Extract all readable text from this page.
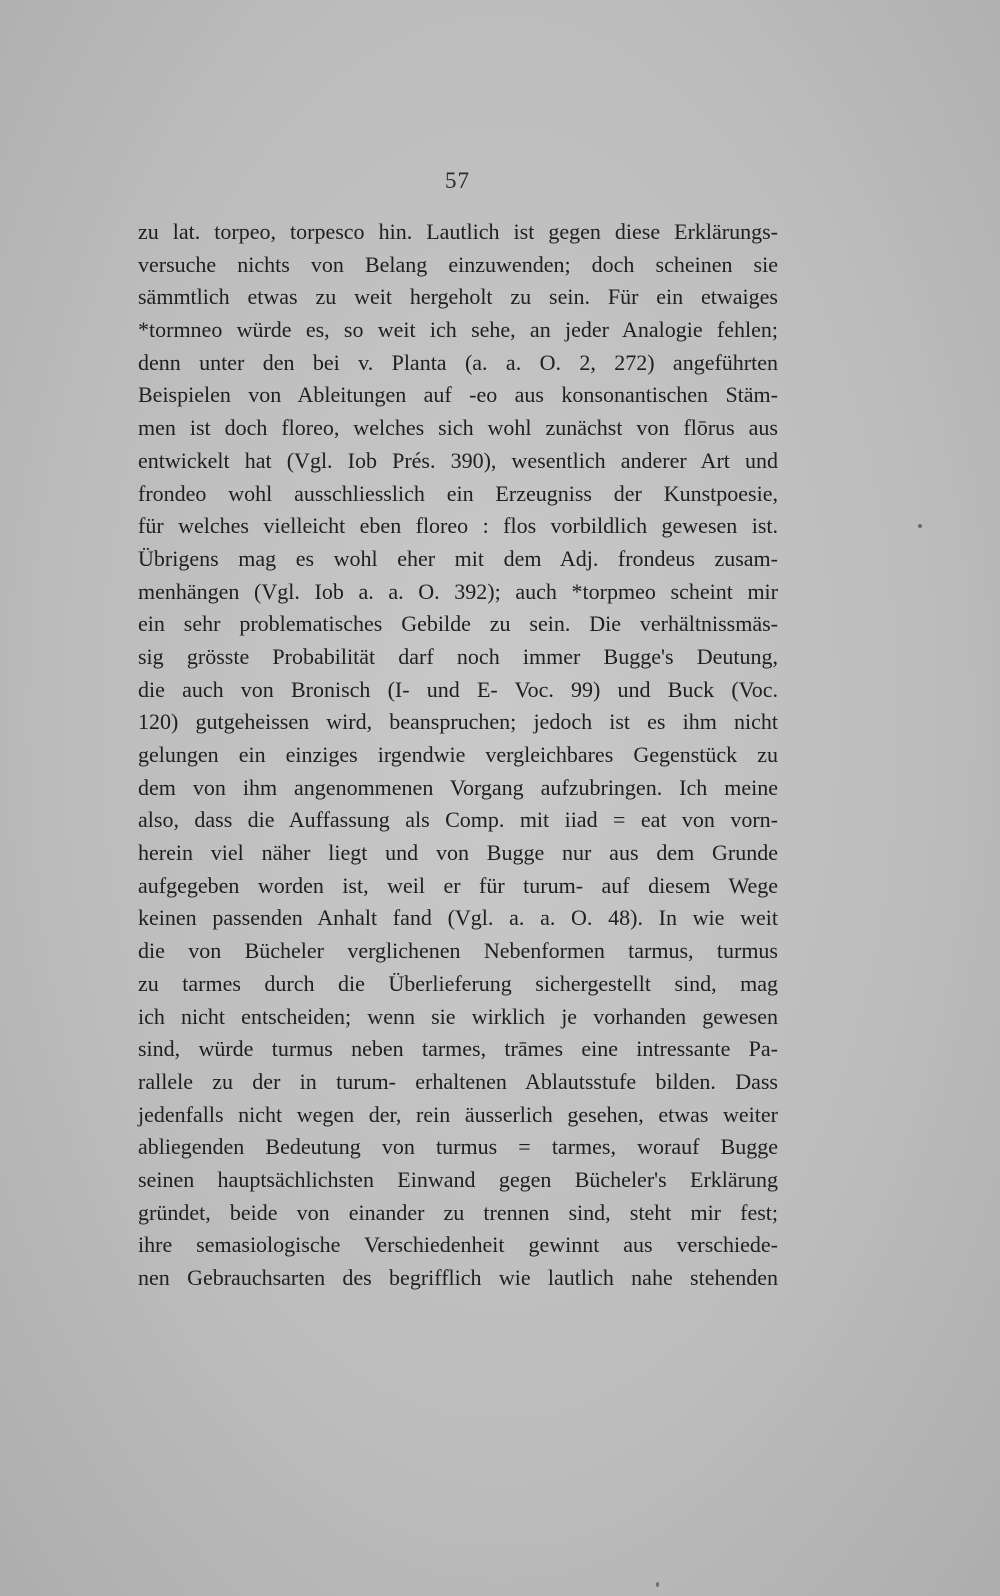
57
zu lat. torpeo, torpesco hin. Lautlich ist gegen diese Erklärungs-
versuche nichts von Belang einzuwenden; doch scheinen sie
sämmtlich etwas zu weit hergeholt zu sein. Für ein etwaiges
*tormneo würde es, so weit ich sehe, an jeder Analogie fehlen;
denn unter den bei v. Planta (a. a. O. 2, 272) angeführten
Beispielen von Ableitungen auf -eo aus konsonantischen Stäm-
men ist doch floreo, welches sich wohl zunächst von flōrus aus
entwickelt hat (Vgl. Iob Prés. 390), wesentlich anderer Art und
frondeo wohl ausschliesslich ein Erzeugniss der Kunstpoesie,
für welches vielleicht eben floreo : flos vorbildlich gewesen ist.
Übrigens mag es wohl eher mit dem Adj. frondeus zusam-
menhängen (Vgl. Iob a. a. O. 392); auch *torpmeo scheint mir
ein sehr problematisches Gebilde zu sein. Die verhältnissmäs-
sig grösste Probabilität darf noch immer Bugge's Deutung,
die auch von Bronisch (I- und E- Voc. 99) und Buck (Voc.
120) gutgeheissen wird, beanspruchen; jedoch ist es ihm nicht
gelungen ein einziges irgendwie vergleichbares Gegenstück zu
dem von ihm angenommenen Vorgang aufzubringen. Ich meine
also, dass die Auffassung als Comp. mit iiad = eat von vorn-
herein viel näher liegt und von Bugge nur aus dem Grunde
aufgegeben worden ist, weil er für turum- auf diesem Wege
keinen passenden Anhalt fand (Vgl. a. a. O. 48). In wie weit
die von Bücheler verglichenen Nebenformen tarmus, turmus
zu tarmes durch die Überlieferung sichergestellt sind, mag
ich nicht entscheiden; wenn sie wirklich je vorhanden gewesen
sind, würde turmus neben tarmes, trāmes eine intressante Pa-
rallele zu der in turum- erhaltenen Ablautsstufe bilden. Dass
jedenfalls nicht wegen der, rein äusserlich gesehen, etwas weiter
abliegenden Bedeutung von turmus = tarmes, worauf Bugge
seinen hauptsächlichsten Einwand gegen Bücheler's Erklärung
gründet, beide von einander zu trennen sind, steht mir fest;
ihre semasiologische Verschiedenheit gewinnt aus verschiede-
nen Gebrauchsarten des begrifflich wie lautlich nahe stehenden
